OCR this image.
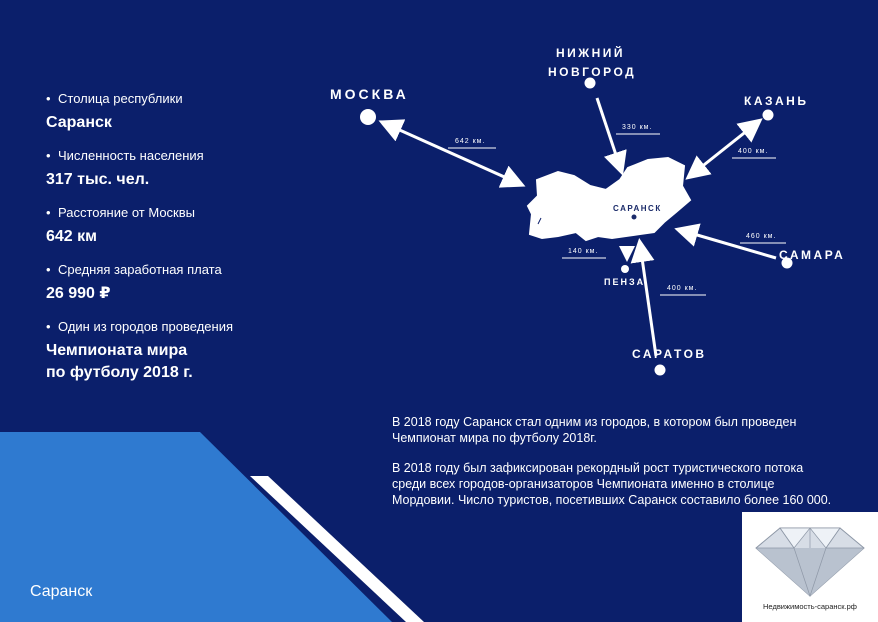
• Столица республики
Саранск
• Численность населения
317 тыс. чел.
• Расстояние от Москвы
642 км
• Средняя заработная плата
26 990 ₽
• Один из городов проведения
Чемпионата мира
по футболу 2018 г.
МОСКВА
НИЖНИЙ
НОВГОРОД
КАЗАНЬ
САМАРА
САРАТОВ
ПЕНЗА
САРАНСК
642 км.
330 км.
400 км.
460 км.
400 км.
140 км.

В 2018 году Саранск стал одним из городов, в котором был проведен Чемпионат мира по футболу 2018г.

В 2018 году был зафиксирован рекордный рост туристического потока среди всех городов-организаторов Чемпионата именно в столице Мордовии. Число туристов, посетивших Саранск составило более 160 000.

Саранск
Недвижимость-саранск.рф
